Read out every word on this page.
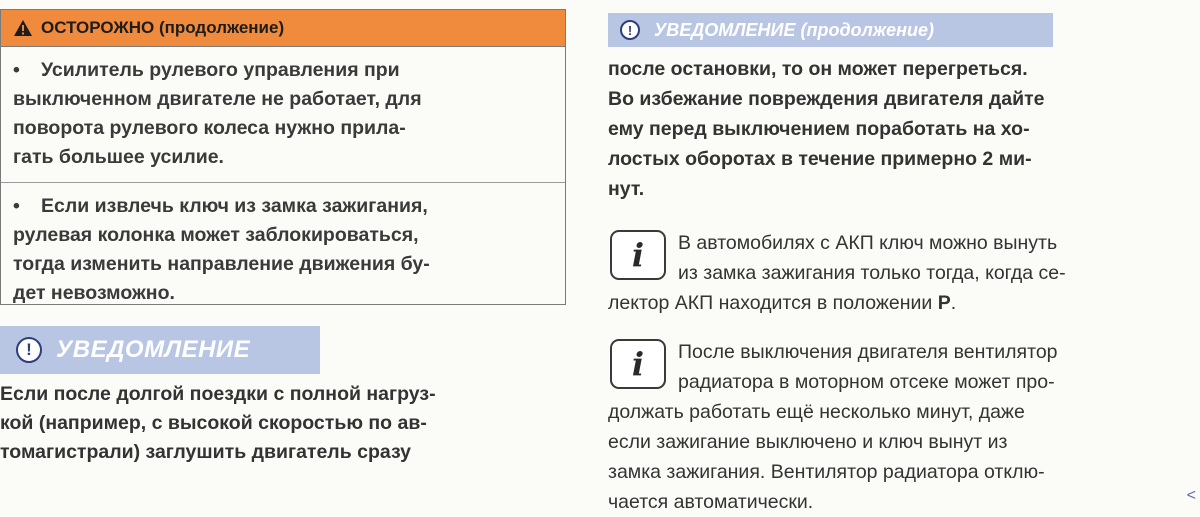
ОСТОРОЖНО (продолжение)
• Усилитель рулевого управления при
выключенном двигателе не работает, для
поворота рулевого колеса нужно прила-
гать большее усилие.
• Если извлечь ключ из замка зажигания,
рулевая колонка может заблокироваться,
тогда изменить направление движения бу-
дет невозможно.
!	УВЕДОМЛЕНИЕ
Если после долгой поездки с полной нагруз-
кой (например, с высокой скоростью по ав-
томагистрали) заглушить двигатель сразу
!	УВЕДОМЛЕНИЕ (продолжение)
после остановки, то он может перегреться.
Во избежание повреждения двигателя дайте
ему перед выключением поработать на хо-
лостых оборотах в течение примерно 2 ми-
нут.
i	В автомобилях с АКП ключ можно вынуть
из замка зажигания только тогда, когда се-
лектор АКП находится в положении P.
i	После выключения двигателя вентилятор
радиатора в моторном отсеке может про-
должать работать ещё несколько минут, даже
если зажигание выключено и ключ вынут из
замка зажигания. Вентилятор радиатора отклю-
чается автоматически.	<
